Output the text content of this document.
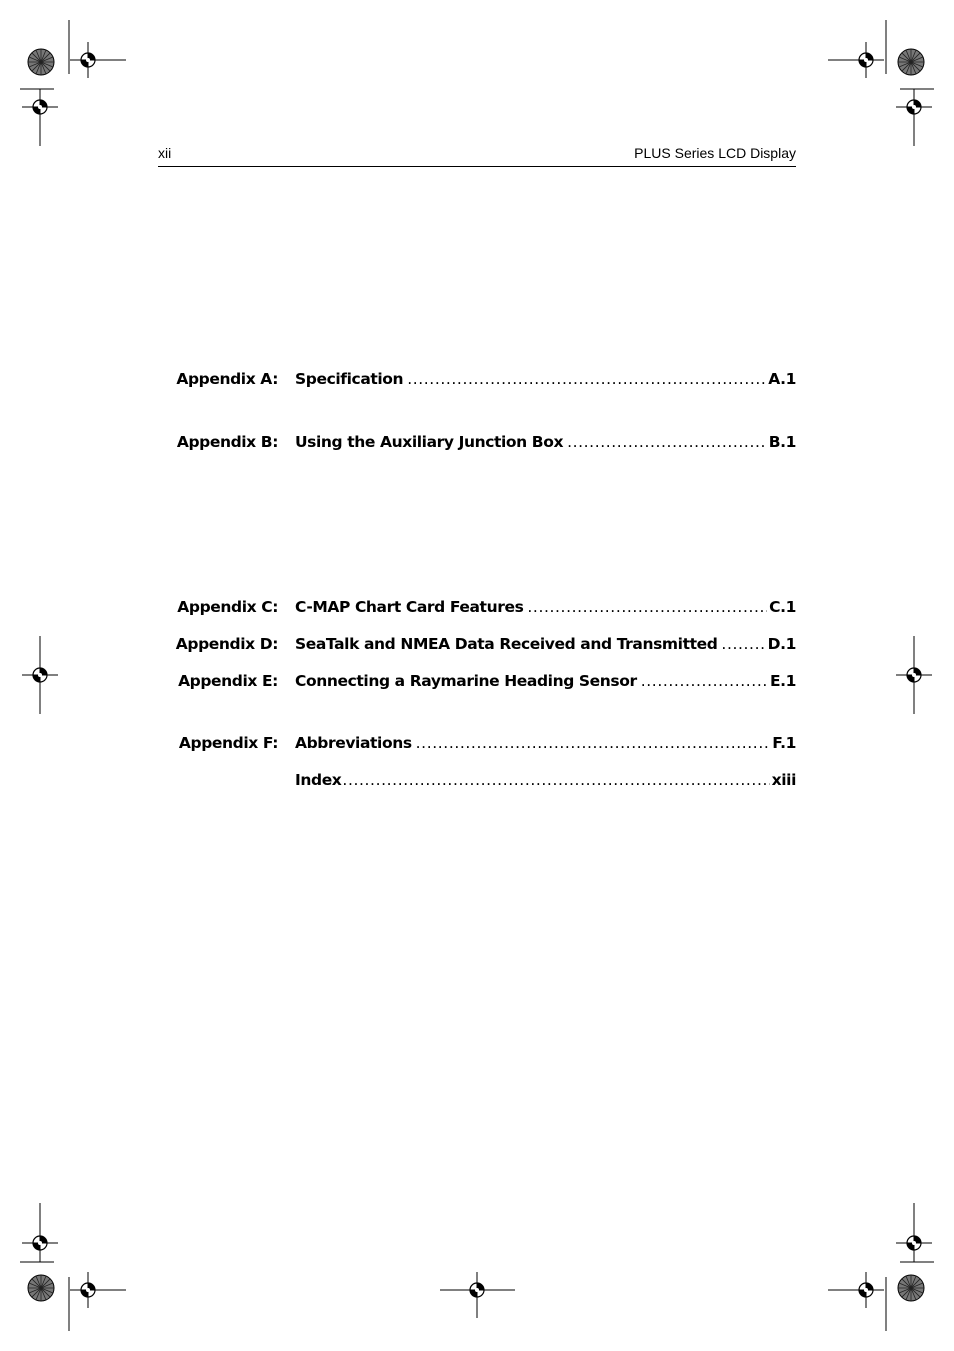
xii	PLUS Series LCD Display
Appendix A: Specification .....	A.1
Appendix B: Using the Auxiliary Junction Box .....	B.1
Appendix C: C-MAP Chart Card Features .....	C.1
Appendix D: SeaTalk and NMEA Data Received and Transmitted .....	D.1
Appendix E: Connecting a Raymarine Heading Sensor .....	E.1
Appendix F: Abbreviations .....	F.1
Index .....	xiii
